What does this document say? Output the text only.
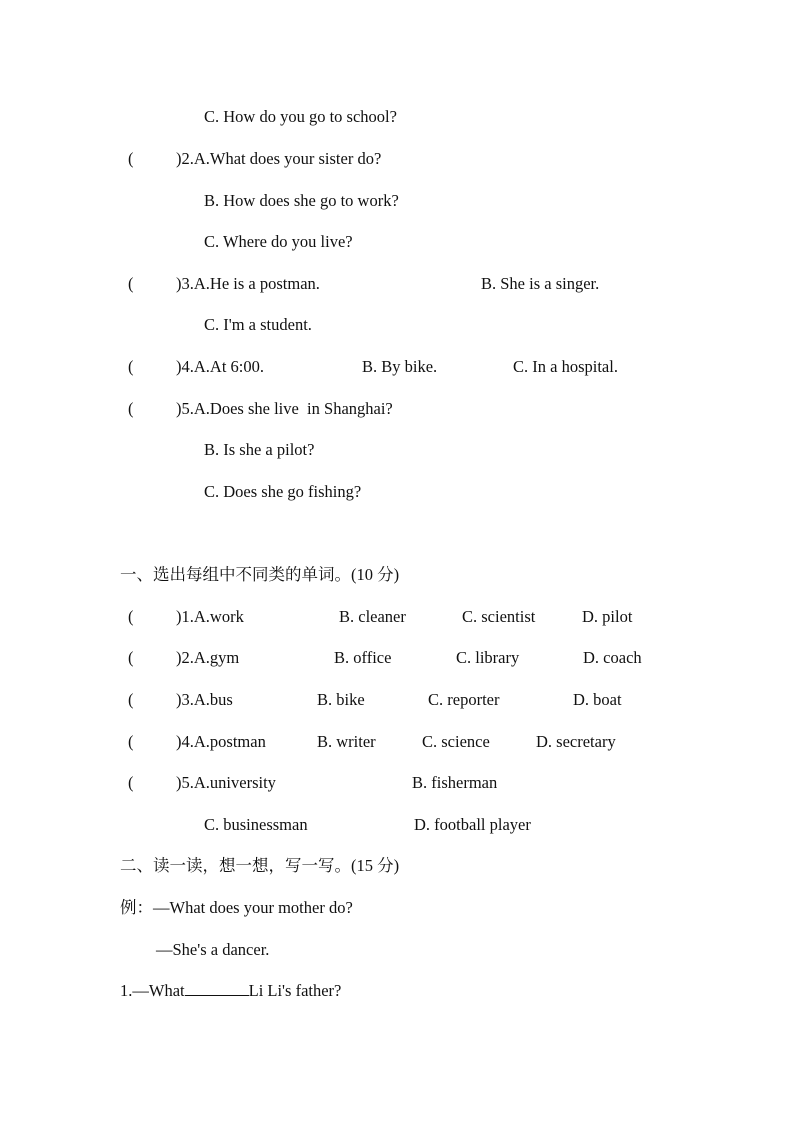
C. How do you go to school?
(	)2.A.What does your sister do?
B. How does she go to work?
C. Where do you live?
(	)3.A.He is a postman.	B. She is a singer.
C. I'm a student.
(	)4.A.At 6:00.	B. By bike.	C. In a hospital.
(	)5.A.Does she live  in Shanghai?
B. Is she a pilot?
C. Does she go fishing?
一、选出每组中不同类的单词。(10 分)
(	)1.A.work	B. cleaner	C. scientist	D. pilot
(	)2.A.gym	B. office	C. library	D. coach
(	)3.A.bus	B. bike	C. reporter	D. boat
(	)4.A.postman	B. writer	C. science	D. secretary
(	)5.A.university	B. fisherman
C. businessman	D. football player
二、读一读，想一想，写一写。(15 分)
例：—What does your mother do?
—She's a dancer.
1.—What	Li Li's father?
